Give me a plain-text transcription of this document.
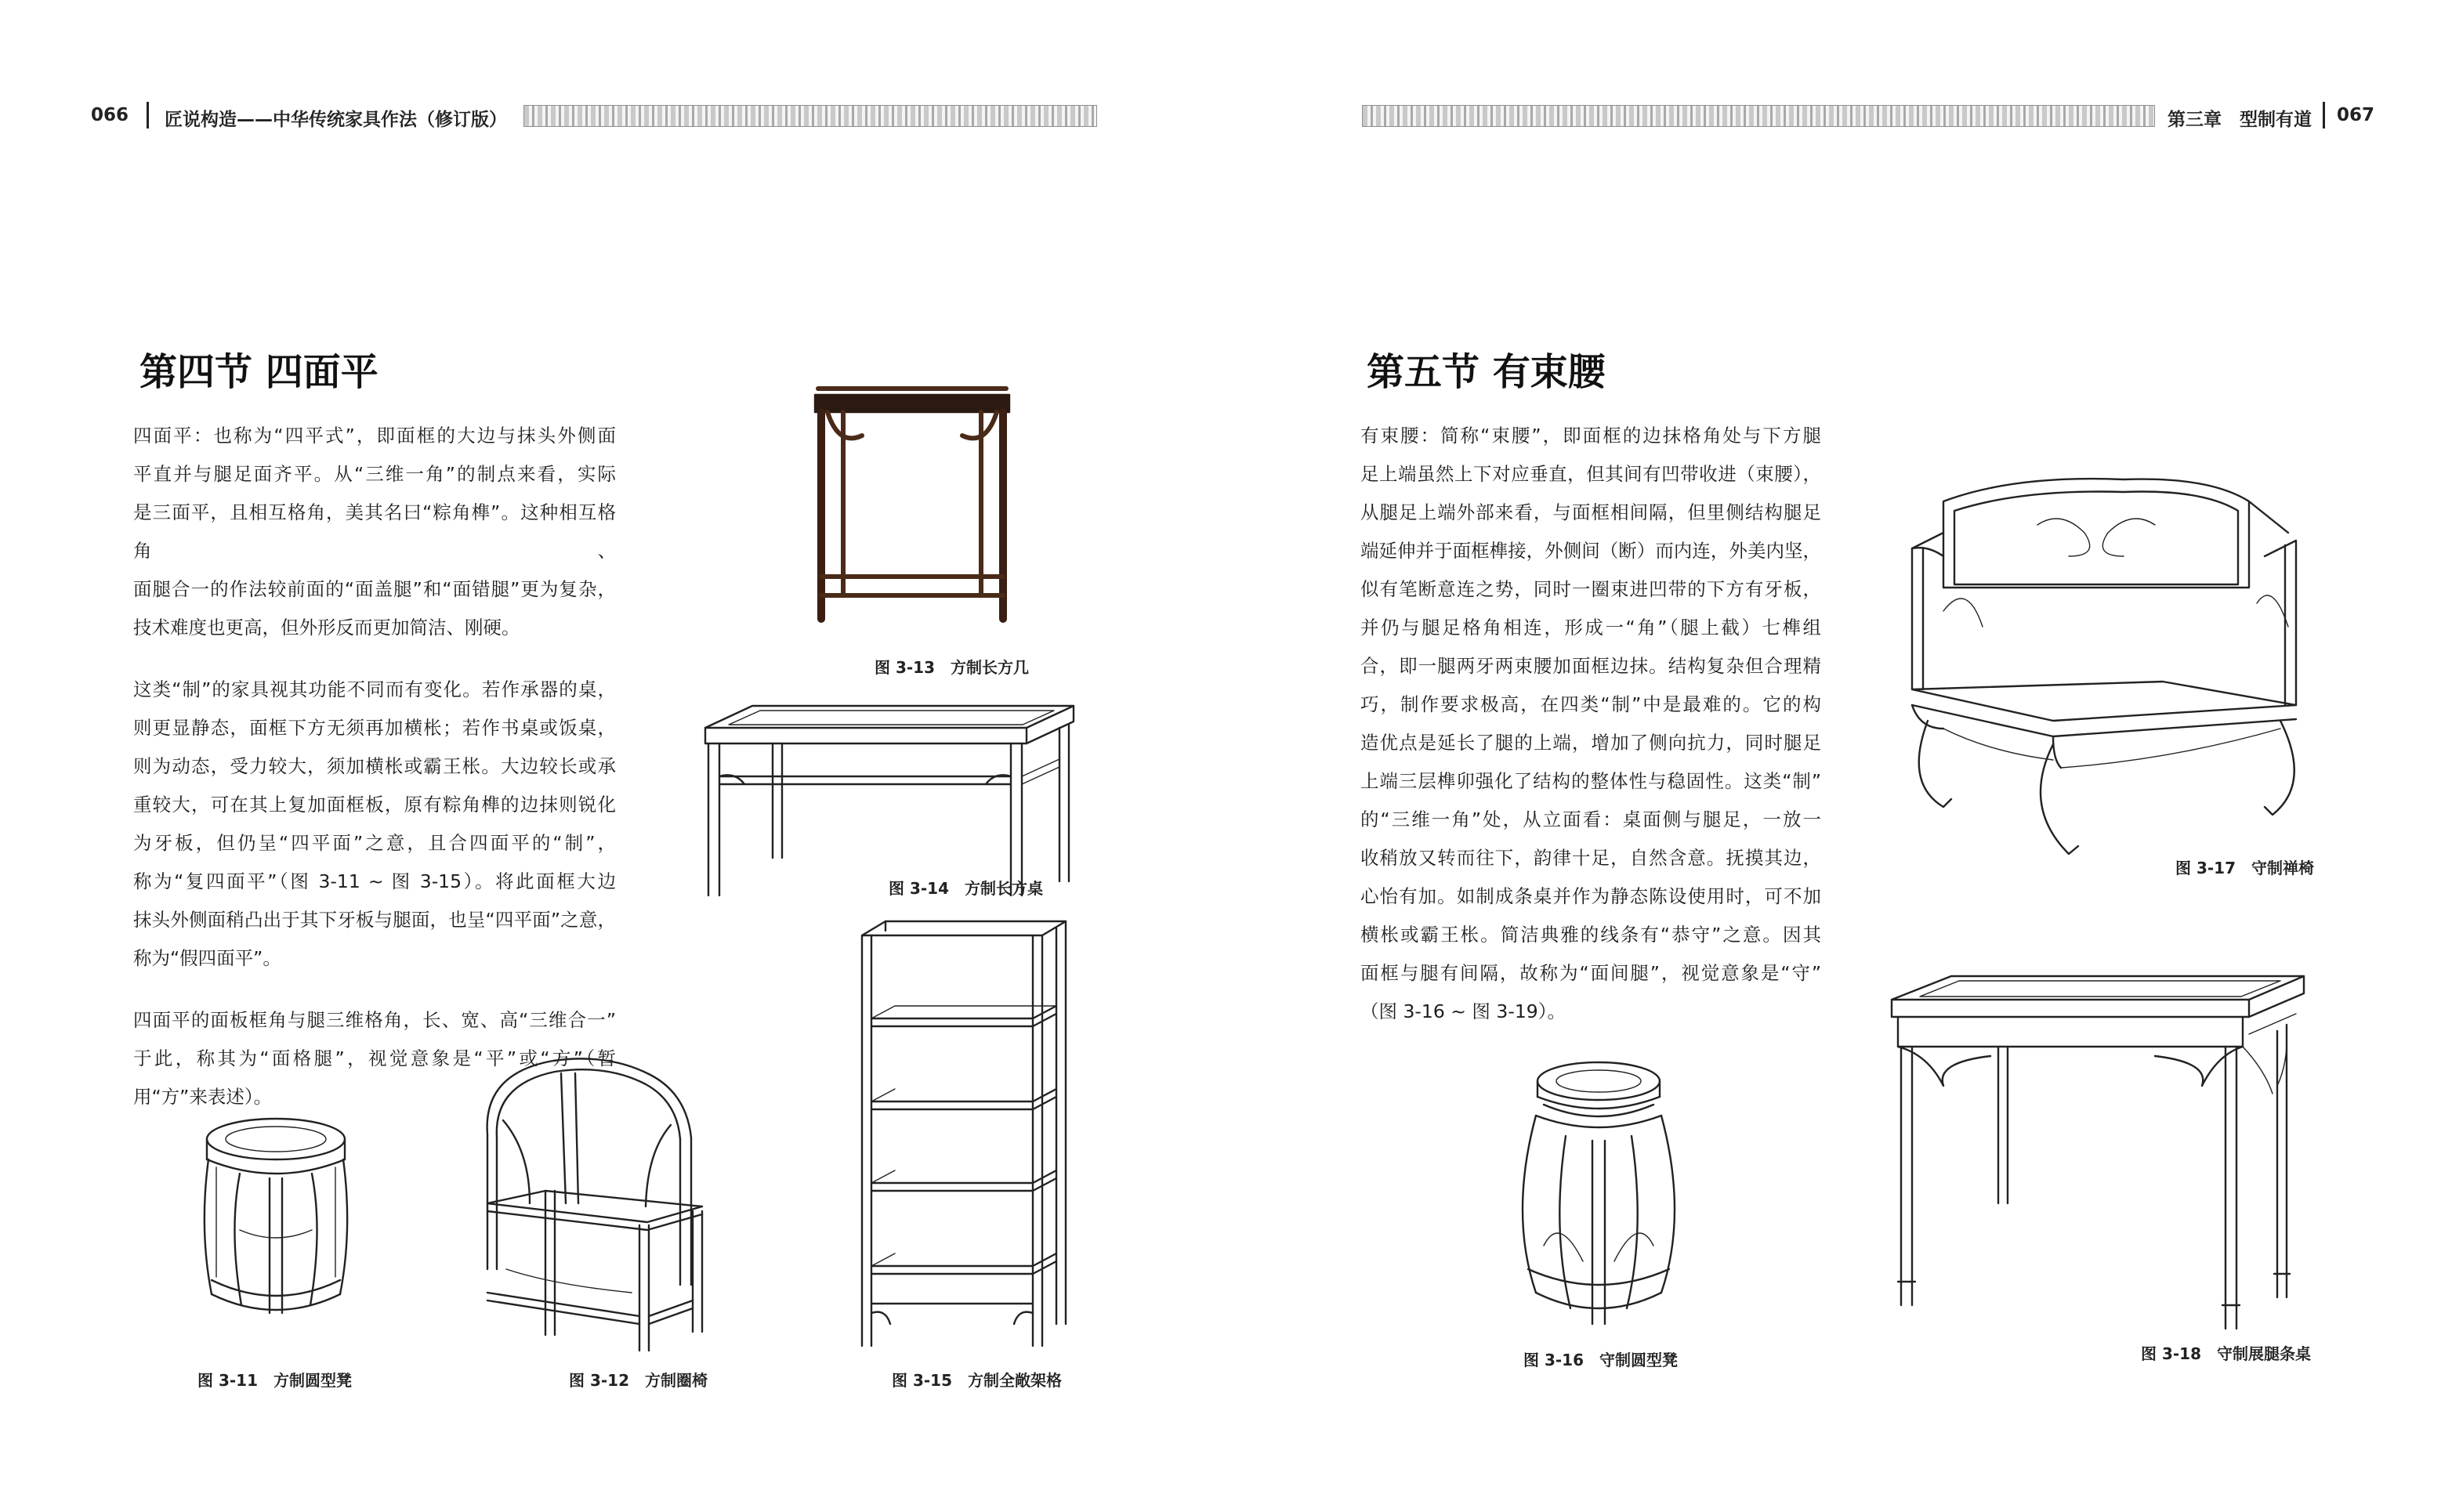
066 匠说构造——中华传统家具作法（修订版）	第三章　型制有道 067
第四节 四面平

四面平：也称为“四平式”，即面框的大边与抹头外侧面

平直并与腿足面齐平。从“三维一角”的制点来看，实际

是三面平，且相互格角，美其名曰“粽角榫”。这种相互格角、

面腿合一的作法较前面的“面盖腿”和“面错腿”更为复杂，

技术难度也更高，但外形反而更加简洁、刚硬。

这类“制”的家具视其功能不同而有变化。若作承器的桌，

则更显静态，面框下方无须再加横枨；若作书桌或饭桌，

则为动态，受力较大，须加横枨或霸王枨。大边较长或承

重较大，可在其上复加面框板，原有粽角榫的边抹则锐化

为牙板，但仍呈“四平面”之意，且合四面平的“制”，

称为“复四面平”（图 3-11 ~ 图 3-15）。将此面框大边

抹头外侧面稍凸出于其下牙板与腿面，也呈“四平面”之意，

称为“假四面平”。

四面平的面板框角与腿三维格角，长、宽、高“三维合一”

于此，称其为“面格腿”，视觉意象是“平”或“方”（暂

用“方”来表述）。

图 3-13　方制长方几
图 3-14　方制长方桌
图 3-11　方制圆型凳	图 3-12　方制圈椅	图 3-15　方制全敞架格
第五节 有束腰

有束腰：简称“束腰”，即面框的边抹格角处与下方腿

足上端虽然上下对应垂直，但其间有凹带收进（束腰），

从腿足上端外部来看，与面框相间隔，但里侧结构腿足

端延伸并于面框榫接，外侧间（断）而内连，外美内坚，

似有笔断意连之势，同时一圈束进凹带的下方有牙板，

并仍与腿足格角相连，形成一“角”（腿上截）七榫组

合，即一腿两牙两束腰加面框边抹。结构复杂但合理精

巧，制作要求极高，在四类“制”中是最难的。它的构

造优点是延长了腿的上端，增加了侧向抗力，同时腿足

上端三层榫卯强化了结构的整体性与稳固性。这类“制”

的“三维一角”处，从立面看：桌面侧与腿足，一放一

收稍放又转而往下，韵律十足，自然含意。抚摸其边，

心怡有加。如制成条桌并作为静态陈设使用时，可不加

横枨或霸王枨。简洁典雅的线条有“恭守”之意。因其

面框与腿有间隔，故称为“面间腿”，视觉意象是“守”

（图 3-16 ~ 图 3-19）。

图 3-17　守制禅椅
图 3-16　守制圆型凳	图 3-18　守制展腿条桌
